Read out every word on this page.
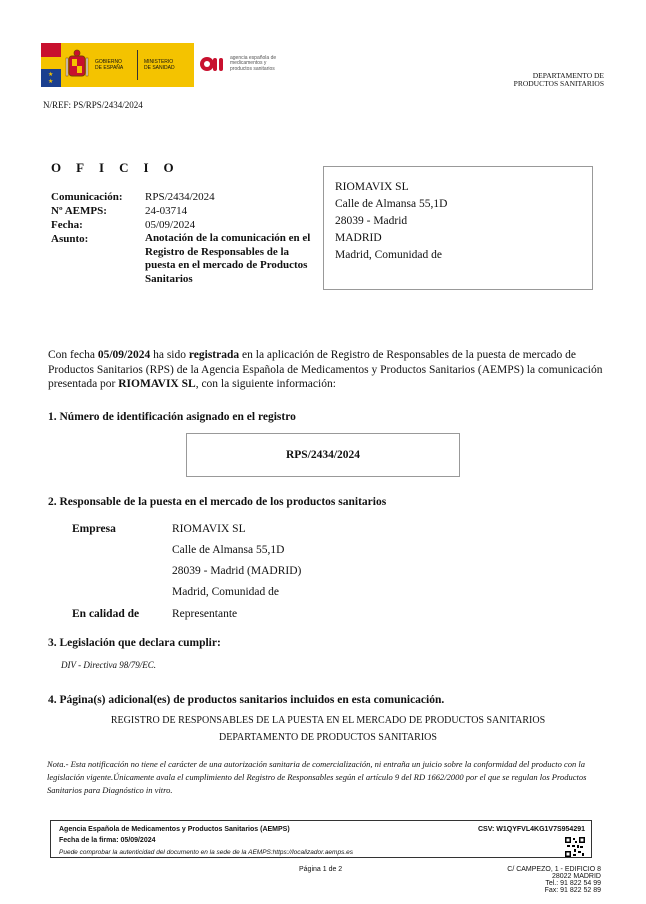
★
★
GOBIERNO
DE ESPAÑA
MINISTERIO
DE SANIDAD
agencia española de
medicamentos y
productos sanitarios
DEPARTAMENTO DE
PRODUCTOS SANITARIOS
N/REF: PS/RPS/2434/2024
OFICIO
Comunicación:	RPS/2434/2024
Nº AEMPS:	24-03714
Fecha:	05/09/2024
Asunto:	Anotación de la comunicación en el Registro de Responsables de la puesta en el mercado de Productos Sanitarios
RIOMAVIX SL
Calle de Almansa 55,1D
28039 - Madrid
MADRID
Madrid, Comunidad de
Con fecha 05/09/2024 ha sido registrada en la aplicación de Registro de Responsables de la puesta de mercado de Productos Sanitarios (RPS) de la Agencia Española de Medicamentos y Productos Sanitarios (AEMPS) la comunicación presentada por RIOMAVIX SL, con la siguiente información:
1. Número de identificación asignado en el registro
RPS/2434/2024
2. Responsable de la puesta en el mercado de los productos sanitarios
Empresa	RIOMAVIX SL
Calle de Almansa 55,1D
28039 - Madrid (MADRID)
Madrid, Comunidad de
En calidad de	Representante
3. Legislación que declara cumplir:
DIV - Directiva 98/79/EC.
4. Página(s) adicional(es) de productos sanitarios incluidos en esta comunicación.
REGISTRO DE RESPONSABLES DE LA PUESTA EN EL MERCADO DE PRODUCTOS SANITARIOS
DEPARTAMENTO DE PRODUCTOS SANITARIOS
Nota.- Esta notificación no tiene el carácter de una autorización sanitaria de comercialización, ni entraña un juicio sobre la conformidad del producto con la legislación vigente.Únicamente avala el cumplimiento del Registro de Responsables según el artículo 9 del RD 1662/2000 por el que se regulan los Productos Sanitarios para Diagnóstico in vitro.
Agencia Española de Medicamentos y Productos Sanitarios (AEMPS)
Fecha de la firma: 05/09/2024
Puede comprobar la autenticidad del documento en la sede de la AEMPS:https://localizador.aemps.es
CSV: W1QYFVL4KG1V7S954291
Página 1 de 2	C/ CAMPEZO, 1 - EDIFICIO 8
28022 MADRID
Tel.: 91 822 54 99
Fax: 91 822 52 89
